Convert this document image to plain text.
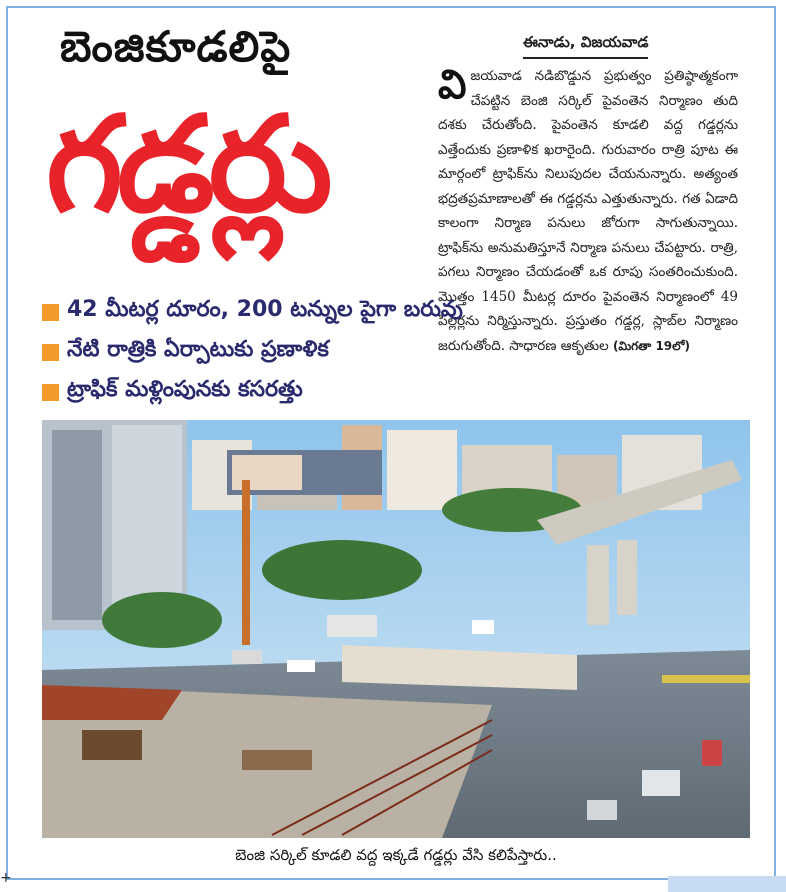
బెంజికూడలిపై
గడ్డర్లు
ఈనాడు, విజయవాడ
వి జయవాడ నడిబొడ్డున ప్రభుత్వం ప్రతిష్ఠాత్మకంగా చేపట్టిన బెంజి సర్కిల్ పైవంతెన నిర్మాణం తుది దశకు చేరుతోంది. పైవంతెన కూడలి వద్ద గడ్డర్లను ఎత్తేందుకు ప్రణాళిక ఖరారైంది. గురువారం రాత్రి పూట ఈ మార్గంలో ట్రాఫిక్‌ను నిలుపుదల చేయనున్నారు. అత్యంత భద్రతప్రమాణాలతో ఈ గడ్డర్లను ఎత్తుతున్నారు. గత ఏడాది కాలంగా నిర్మాణ పనులు జోరుగా సాగుతున్నాయి. ట్రాఫిక్‌ను అనుమతిస్తూనే నిర్మాణ పనులు చేపట్టారు. రాత్రి, పగలు నిర్మాణం చేయడంతో ఒక రూపు సంతరించుకుంది. మొత్తం 1450 మీటర్ల దూరం పైవంతెన నిర్మాణంలో 49 పిల్లర్లను నిర్మిస్తున్నారు. ప్రస్తుతం గడ్డర్ల, స్లాబ్‌ల నిర్మాణం జరుగుతోంది. సాధారణ ఆకృతుల (మిగతా 19లో)
42 మీటర్ల దూరం, 200 టన్నుల పైగా బరువు
నేటి రాత్రికి ఏర్పాటుకు ప్రణాళిక
ట్రాఫిక్ మళ్లింపునకు కసరత్తు
బెంజి సర్కిల్ కూడలి వద్ద ఇక్కడే గడ్డర్లు వేసి కలిపేస్తారు..
+
